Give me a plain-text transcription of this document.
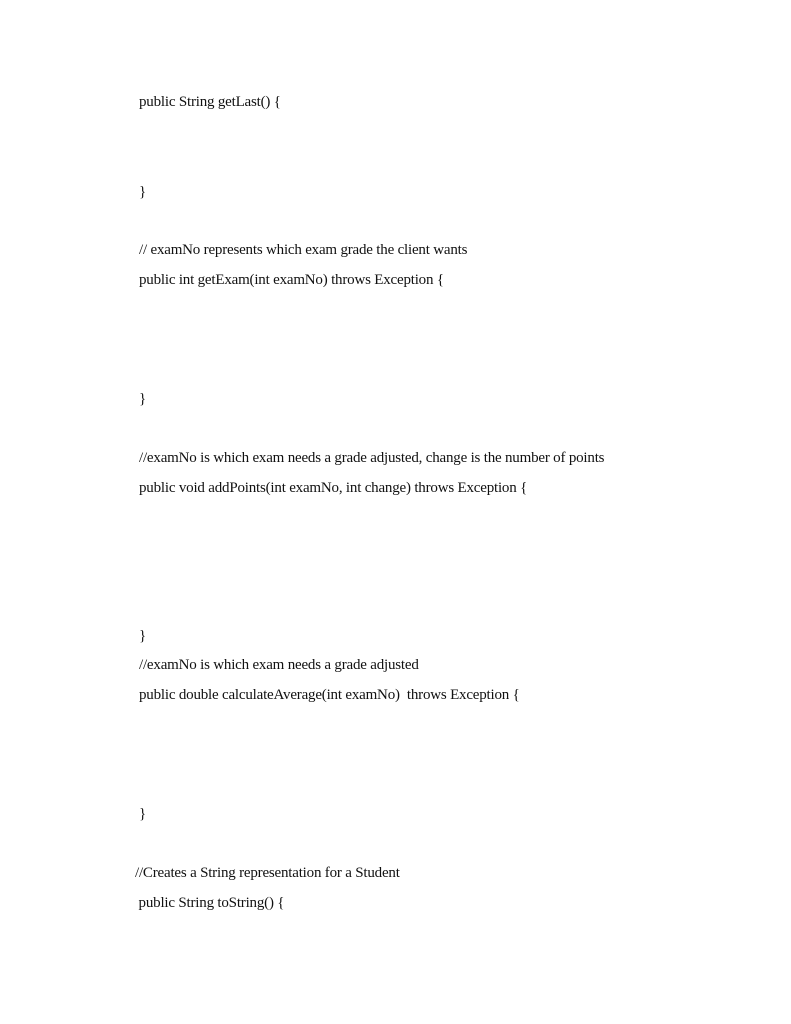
public String getLast() {
}
// examNo represents which exam grade the client wants
public int getExam(int examNo) throws Exception {
}
//examNo is which exam needs a grade adjusted, change is the number of points
public void addPoints(int examNo, int change) throws Exception {
}
//examNo is which exam needs a grade adjusted
public double calculateAverage(int examNo)  throws Exception {
}
//Creates a String representation for a Student
public String toString() {
